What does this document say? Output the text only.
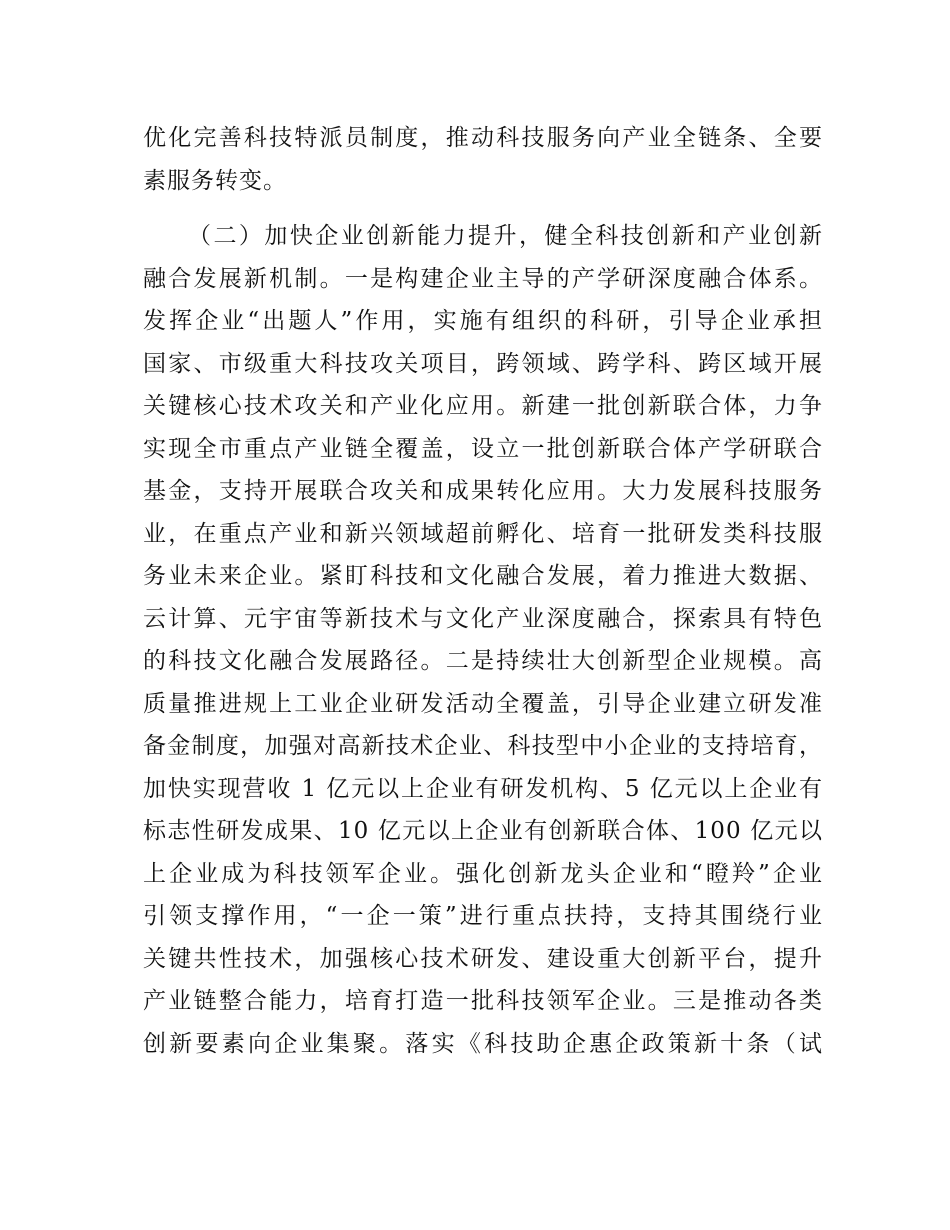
优化完善科技特派员制度，推动科技服务向产业全链条、全要

素服务转变。

（二）加快企业创新能力提升，健全科技创新和产业创新

融合发展新机制。一是构建企业主导的产学研深度融合体系。

发挥企业“出题人”作用，实施有组织的科研，引导企业承担

国家、市级重大科技攻关项目，跨领域、跨学科、跨区域开展

关键核心技术攻关和产业化应用。新建一批创新联合体，力争

实现全市重点产业链全覆盖，设立一批创新联合体产学研联合

基金，支持开展联合攻关和成果转化应用。大力发展科技服务

业，在重点产业和新兴领域超前孵化、培育一批研发类科技服

务业未来企业。紧盯科技和文化融合发展，着力推进大数据、

云计算、元宇宙等新技术与文化产业深度融合，探索具有特色

的科技文化融合发展路径。二是持续壮大创新型企业规模。高

质量推进规上工业企业研发活动全覆盖，引导企业建立研发准

备金制度，加强对高新技术企业、科技型中小企业的支持培育，

加快实现营收 1 亿元以上企业有研发机构、5 亿元以上企业有

标志性研发成果、10 亿元以上企业有创新联合体、100 亿元以

上企业成为科技领军企业。强化创新龙头企业和“瞪羚”企业

引领支撑作用，“一企一策”进行重点扶持，支持其围绕行业

关键共性技术，加强核心技术研发、建设重大创新平台，提升

产业链整合能力，培育打造一批科技领军企业。三是推动各类

创新要素向企业集聚。落实《科技助企惠企政策新十条（试
